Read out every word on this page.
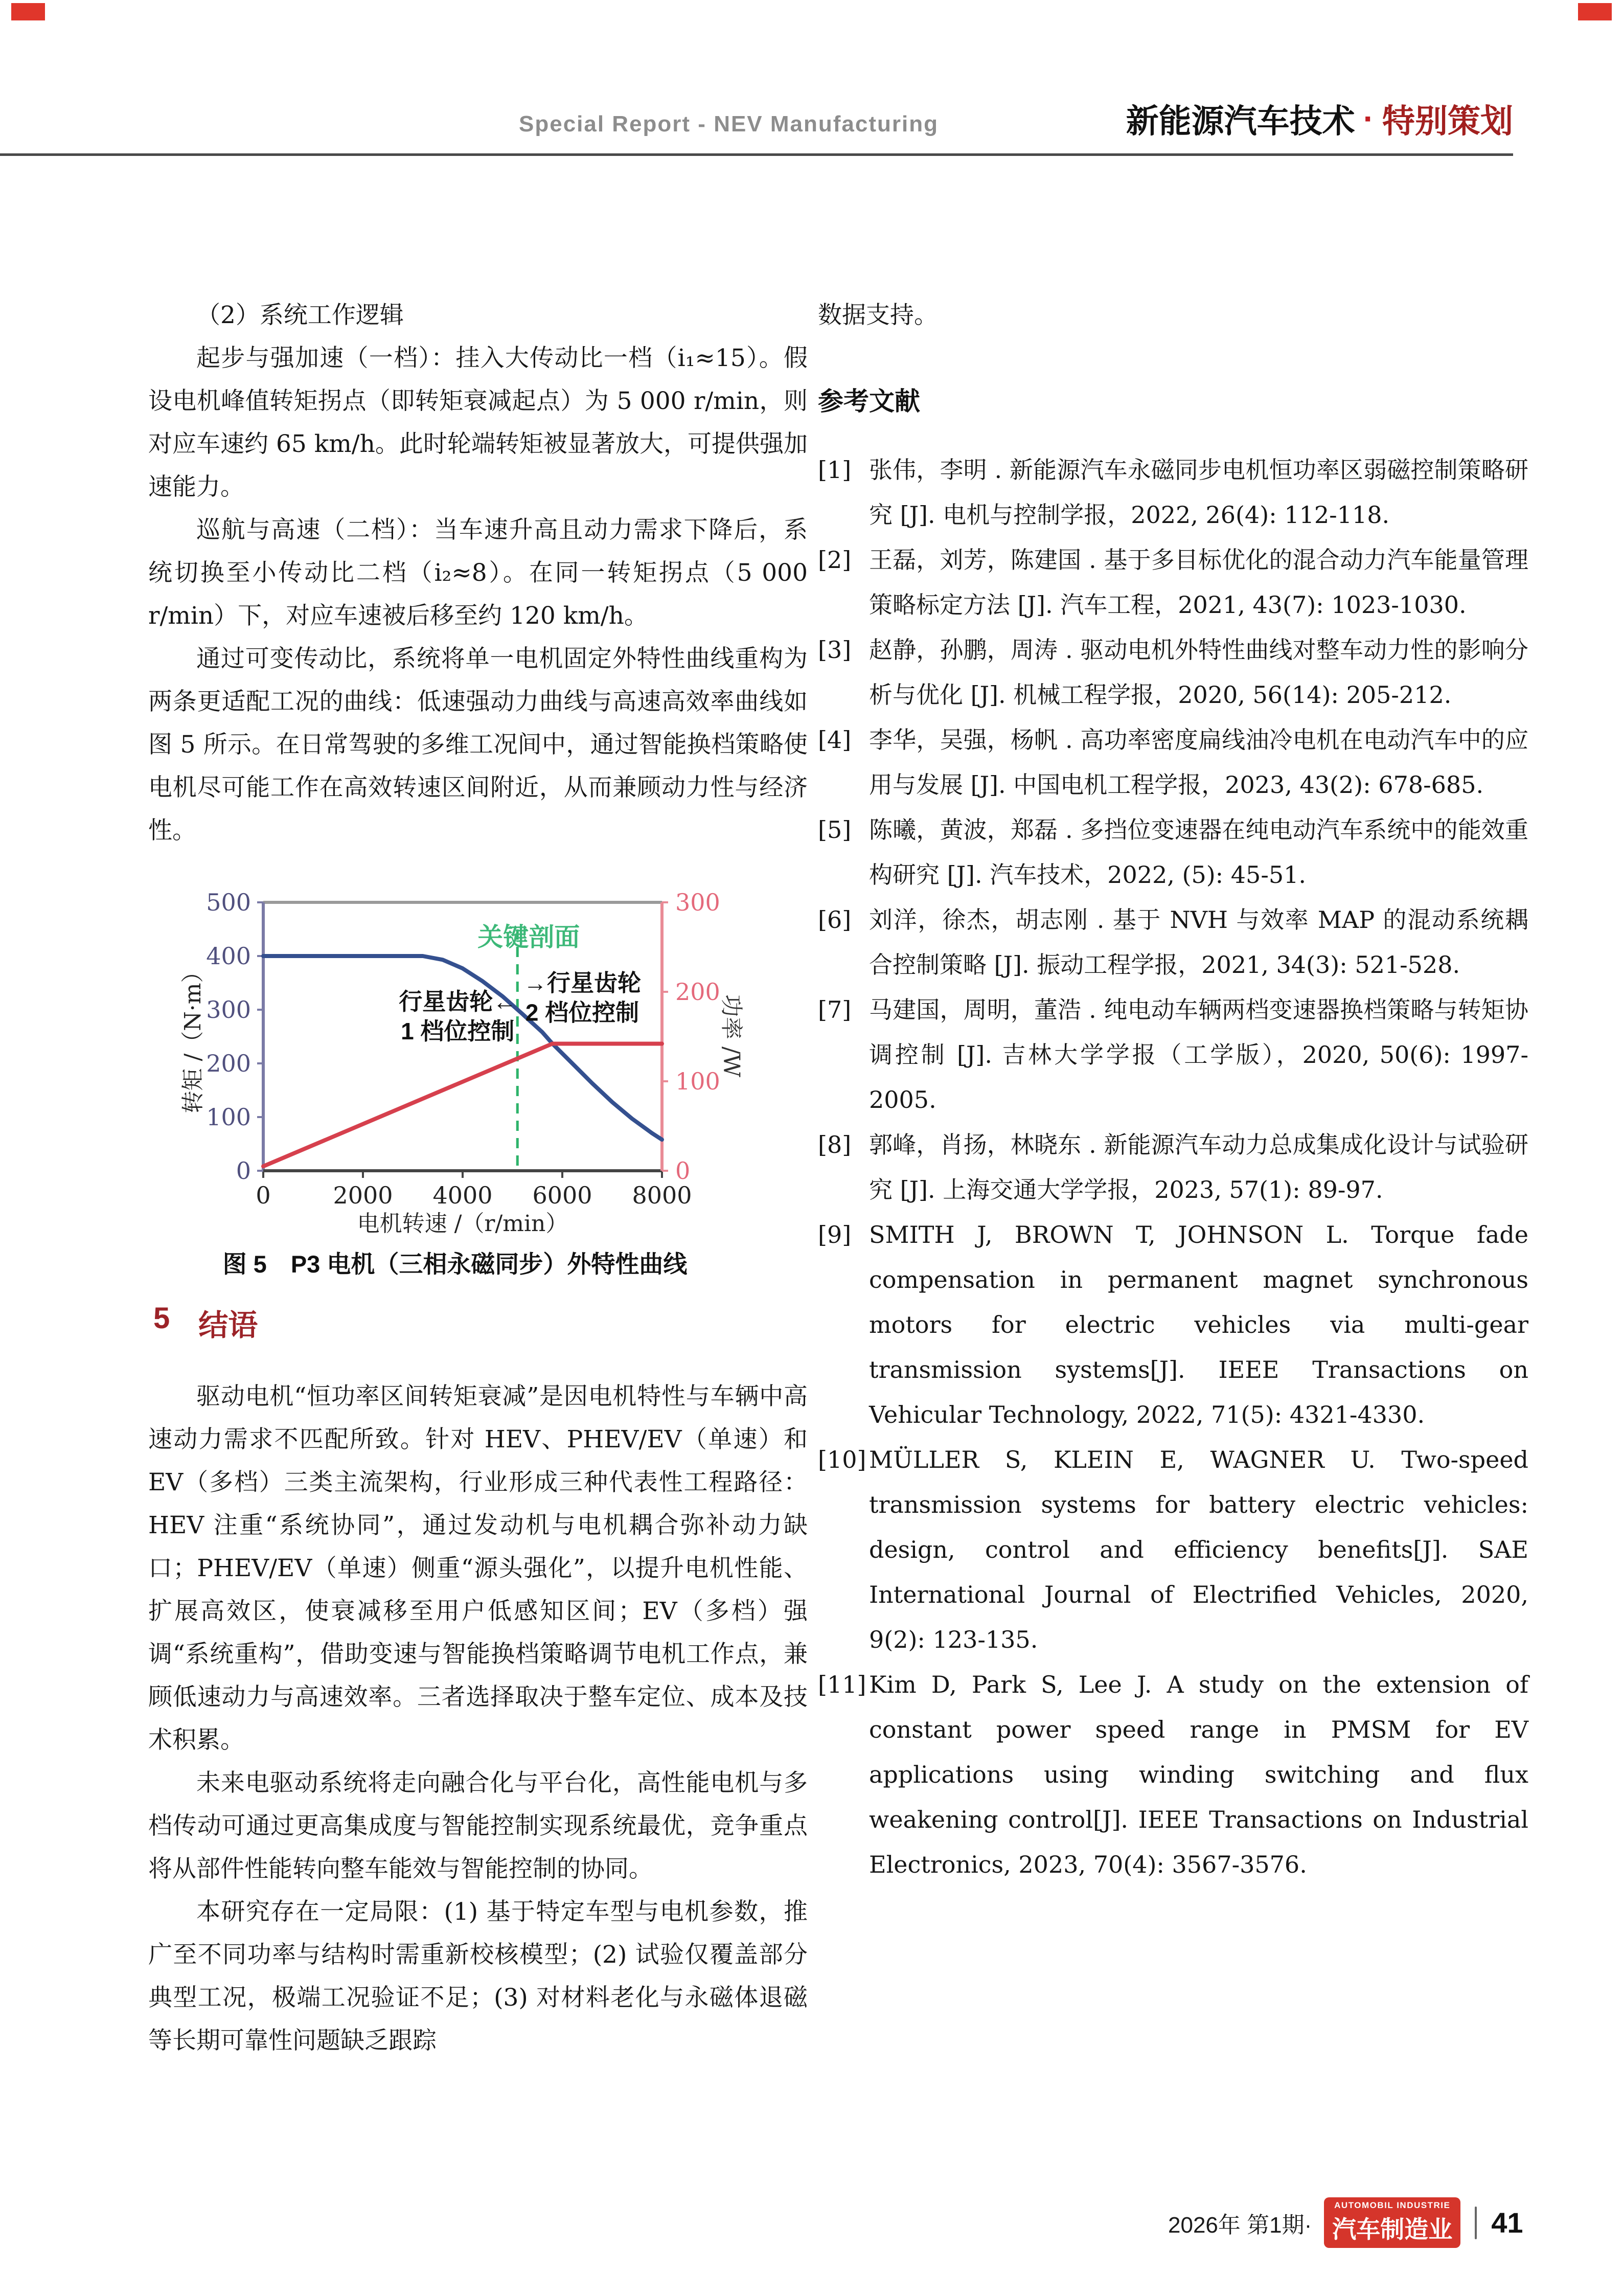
Special Report - NEV Manufacturing	新能源汽车技术 · 特别策划

（2）系统工作逻辑

起步与强加速（一档）：挂入大传动比一档（i₁≈15）。假设电机峰值转矩拐点（即转矩衰减起点）为 5 000 r/min，则对应车速约 65 km/h。此时轮端转矩被显著放大，可提供强加速能力。

巡航与高速（二档）：当车速升高且动力需求下降后，系统切换至小传动比二档（i₂≈8）。在同一转矩拐点（5 000 r/min）下，对应车速被后移至约 120 km/h。

通过可变传动比，系统将单一电机固定外特性曲线重构为两条更适配工况的曲线：低速强动力曲线与高速高效率曲线如图 5 所示。在日常驾驶的多维工况间中，通过智能换档策略使电机尽可能工作在高效转速区间附近，从而兼顾动力性与经济性。

0	2000 4000 6000 8000
0
100
200
300
400
500
0
100
200
300
关键剖面
行星齿轮←
1 档位控制
→行星齿轮
2 档位控制
转矩 /（N·m）	功率 /W
电机转速 /（r/min）
图 5　P3 电机（三相永磁同步）外特性曲线
5 结语

驱动电机“恒功率区间转矩衰减”是因电机特性与车辆中高速动力需求不匹配所致。针对 HEV、PHEV/EV（单速）和 EV（多档）三类主流架构，行业形成三种代表性工程路径：HEV 注重“系统协同”，通过发动机与电机耦合弥补动力缺口；PHEV/EV（单速）侧重“源头强化”，以提升电机性能、扩展高效区，使衰减移至用户低感知区间；EV（多档）强调“系统重构”，借助变速与智能换档策略调节电机工作点，兼顾低速动力与高速效率。三者选择取决于整车定位、成本及技术积累。

未来电驱动系统将走向融合化与平台化，高性能电机与多档传动可通过更高集成度与智能控制实现系统最优，竞争重点将从部件性能转向整车能效与智能控制的协同。

本研究存在一定局限：(1) 基于特定车型与电机参数，推广至不同功率与结构时需重新校核模型；(2) 试验仅覆盖部分典型工况，极端工况验证不足；(3) 对材料老化与永磁体退磁等长期可靠性问题缺乏跟踪

数据支持。

参考文献
[1] 张伟，李明 . 新能源汽车永磁同步电机恒功率区弱磁控制策略研究 [J]. 电机与控制学报，2022, 26(4): 112-118.
[2] 王磊，刘芳，陈建国 . 基于多目标优化的混合动力汽车能量管理策略标定方法 [J]. 汽车工程，2021, 43(7): 1023-1030.
[3] 赵静，孙鹏，周涛 . 驱动电机外特性曲线对整车动力性的影响分析与优化 [J]. 机械工程学报，2020, 56(14): 205-212.
[4] 李华，吴强，杨帆 . 高功率密度扁线油冷电机在电动汽车中的应用与发展 [J]. 中国电机工程学报，2023, 43(2): 678-685.
[5] 陈曦，黄波，郑磊 . 多挡位变速器在纯电动汽车系统中的能效重构研究 [J]. 汽车技术，2022, (5): 45-51.
[6] 刘洋，徐杰，胡志刚 . 基于 NVH 与效率 MAP 的混动系统耦合控制策略 [J]. 振动工程学报，2021, 34(3): 521-528.
[7] 马建国，周明，董浩 . 纯电动车辆两档变速器换档策略与转矩协调控制 [J]. 吉林大学学报（工学版），2020, 50(6): 1997-2005.
[8] 郭峰，肖扬，林晓东 . 新能源汽车动力总成集成化设计与试验研究 [J]. 上海交通大学学报，2023, 57(1): 89-97.
[9] SMITH J, BROWN T, JOHNSON L. Torque fade compensation in permanent magnet synchronous motors for electric vehicles via multi-gear transmission systems[J]. IEEE Transactions on Vehicular Technology, 2022, 71(5): 4321-4330.
[10] MÜLLER S, KLEIN E, WAGNER U. Two-speed transmission systems for battery electric vehicles: design, control and efficiency benefits[J]. SAE International Journal of Electrified Vehicles, 2020, 9(2): 123-135.
[11] Kim D, Park S, Lee J. A study on the extension of constant power speed range in PMSM for EV applications using winding switching and flux weakening control[J]. IEEE Transactions on Industrial Electronics, 2023, 70(4): 3567-3576.
2026年 第1期·
AUTOMOBIL INDUSTRIE
汽车制造业 41
